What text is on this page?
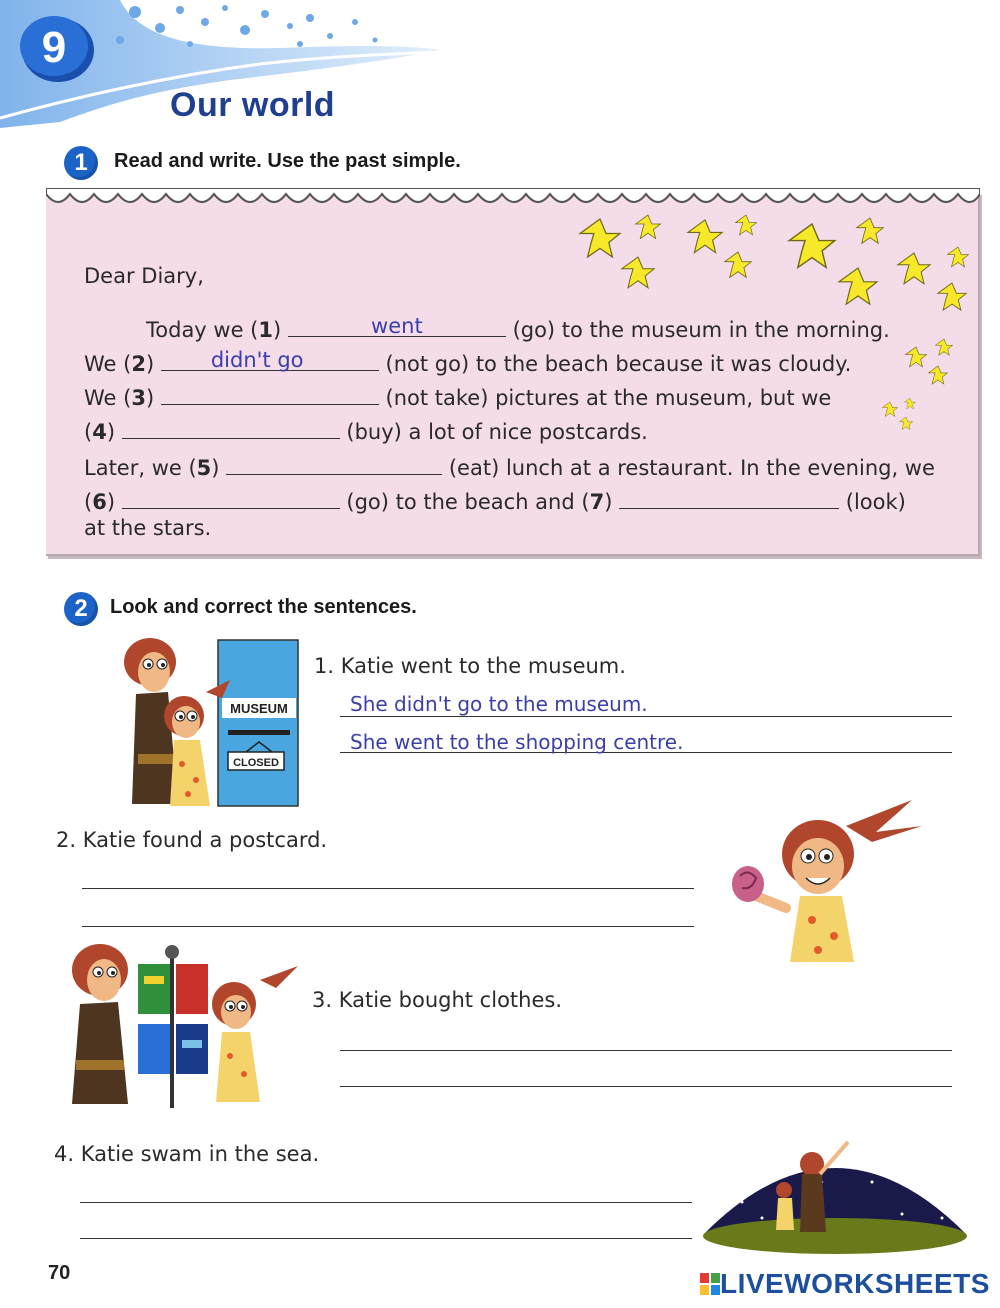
9
Our world
1	Read and write. Use the past simple.
Dear Diary,
Today we (1)	went	(go) to the museum in the morning.
We (2)	didn't go	(not go) to the beach because it was cloudy.
We (3)	(not take) pictures at the museum, but we
(4)	(buy) a lot of nice postcards.
Later, we (5)	(eat) lunch at a restaurant. In the evening, we
(6)	(go) to the beach and (7)	(look)
at the stars.
2	Look and correct the sentences.
MUSEUM
CLOSED
1. Katie went to the museum.
She didn't go to the museum.
She went to the shopping centre.
2. Katie found a postcard.
3. Katie bought clothes.
4. Katie swam in the sea.
70	LIVEWORKSHEETS
